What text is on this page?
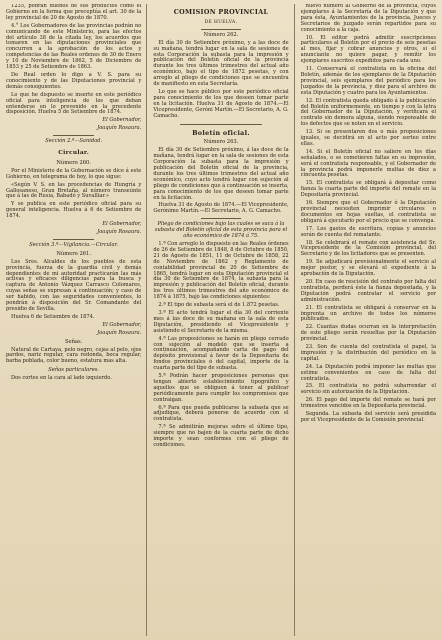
1235, podrán dueños de sus productos como el Gobierno en la forma que preceptúa el art. 30 de la ley provincial de 20 de Agosto de 1870.

4.° Los Gobernadores de las provincias podrán no comunicando de este Ministerio, para las efectos del artículo 38 de la citada ley, los acuerdos que tomaren en las diputaciones provinciales que concurren a la aprobación de los actos y competencias de las Reales ordenes de 30 de Enero y 10 de Noviembre de 1862, 5 de Diciembre de 1853 y 25 de Setiembre de 1863.

De Real orden lo digo a V. S. para su conocimiento y de las Diputaciones provincial y demás consiguientes.

Lo que he dispuesto se inserte en este periódico oficial para inteligencia de los que deban entenderse en lo prevenido en la precedente disposición. Huelva 5 de Setiembre de 1874.

El Gobernador,

Joaquín Rosaura.

Sección 2.ª—Sanidad.

Circular.

Número 260.

Por el Ministerio de la Gobernación se dice á este Gobierno, en telegrama de hoy, lo que sigue:

«Según V. S. en las procedencias de Hungría y Gallosaneso, Gran Bretaña, al número transeúnte que á las de Rusia, Babadó y Suvalliar.»

Y se publica en este periódico oficial para su general inteligencia. Huelva á 6 de Setiembre de 1874.

El Gobernador,

Joaquín Rosaura.

Sección 3.ª—Vigilancia.—Circular.

Número 261.

Los Sres. Alcaldes de los pueblos de esta provincia, fuerza de la guardia civil y demás dependientes de mi autoridad practicarán las más activas y eficaces diligencias para la busca y captura de Antonio Vázquez Carrasco Colomares, cuyas señas se expresan á continuación; y caso de ser habido, con las seguridades convenientes, lo pondrán á disposición del Sr. Comandante del presidio de Sevilla.

Huelva 6 de Setiembre de 1874.

El Gobernador,

Joaquín Rosaura.

Señas.

Natural de Cartaya, pelo negro, cejas al pelo, ojos pardos, nariz regular, cara redonda, boca regular, barba poblada, color bueno, estatura mas alta.

Señas particulares.

Dos cortes en la cara al lado izquierdo.

COMISION PROVINCIAL

DE HUELVA.

Número 262.

El día 30 de Setiembre próximo, y a las doce de su mañana, tendrá lugar en la sala de sesiones de esta Corporación la subasta para la impresión y publicación del Boletín oficial de la provincia durante los tres últimos trimestres del actual año económico, bajo el tipo de 1872 pesetas, y con arreglo al pliego de condiciones que se encuentra de manifiesto en esta Secretaría.

Lo que se hace público por este periódico oficial para conocimiento de los que deseen tomar parte en la licitación. Huelva 31 de Agosto de 1874.—El Vicepresidente, Geróni Martín.—El Secretario, A. G. Camacho.

Boletín oficial.

Número 263.

El día 30 de Setiembre próximo, á las doce de la mañana, tendrá lugar en la sala de sesiones de esta Corporación la subasta para la impresión y publicación del Boletín oficial de la provincia, durante los tres últimos trimestres del actual año económico, cuyo acto tendrá lugar con sujeción al pliego de condiciones que á continuación se inserta, para conocimiento de los que deseen tomar parte en la licitación.

Huelva 31 de Agosto de 1874.—El Vicepresidente, Gerónimo Martín.—El Secretario, A. G. Camacho.

Pliego de condiciones bajo las cuales se saca á la subasta del Boletín oficial de esta provincia para el año económico de 1874 á 75.

1.ª Con arreglo lo dispuesto en las Reales órdenes de 26 de Setiembre de 1848, 8 de Octubre de 1850, 21 de Agosto de 1851, 11 de Octubre de 1858, 22 de Noviembre de 1862 y Reglamento de contabilidad provincial de 20 de Setiembre de 1865, tendrá lugar en esta Diputación provincial el día 30 de Setiembre de 1874, la subasta para la impresión y publicación del Boletín oficial, durante los tres últimos trimestres del año económico de 1874 á 1875, bajo las condiciones siguientes:

2.ª El tipo de subasta será el de 1.872 pesetas.

3.ª El acto tendrá lugar el día 30 del corriente mes á las doce de su mañana en la sala de esta Diputación, presidiendo el Vicepresidente y asistiendo el Secretario de la misma.

4.ª Las proposiciones se harán en pliego cerrado con sujeción al modelo que se inserta a continuación, acompañando carta de pago del depósito provisional á favor de la Depositaría de fondos provinciales ó del capital, importe de la cuarta parte del tipo de subasta.

5.ª Podrán hacer proposiciones personas que tengan abierto establecimiento tipográfico y aquellos que se obliguen á tener al publicar periódicamente para cumplir los compromisos que contraigan.

6.ª Para que pueda publicarse la subasta que se adjudique, deberá ponerse de acuerdo con el contratista.

7.ª Se admitirán mejoras sobre el último tipo, siempre que no bajen de la cuarta parte de dicho importe y sean conformes con el pliego de condiciones.

nuevo número al Gobierno de la provincia, cuyos ejemplares á la Secretaría de la Diputación y que para ésta, Ayuntamientos de la provincia, Jueces y Secretarios de juzgado serán repartidos para su conocimiento a la caja.

10. El editor podrá admitir suscripciones particulares al Boletín por el precio de seis pesetas al mes, fijar y cobrar anuncios y otros, si el anunciante no quiere pagar, y remitir los ejemplares suscritos expedidos para cada uno.

11. Conservará el contratista en la oficina del Boletín, además de los ejemplares de la Diputación provincial, seis ejemplares del periódico para los Juzgados de la provincia, y diez para el archivo de esta Diputación y cuatro para los Ayuntamientos.

12. El contratista queda obligado á la publicación del Boletín uniformemente, en tiempo y con la letra del Gobernador de la Diputación, y verificará el contrato sin demora alguna, siendo responsable de los defectos que se noten en el servicio.

13. Si se presentaren dos o más proposiciones iguales, se decidirá en el acto por sorteo entre ellas.

14. Si el Boletín oficial no saliere en los días señalados, o se cometieren faltas en su impresión, será el contratista responsable, y el Gobernador de la provincia podrá imponerle multas de diez a cincuenta pesetas.

15. El contratista se obligará á depositar como fianza la cuarta parte del importe del remate en la Depositaría provincial.

16. Siempre que el Gobernador ó la Diputación provincial necesiten imprimir circulares o documentos en hojas sueltas, el contratista se obligará á ejecutarlo por el precio que se convenga.

17. Los gastos de escritura, copias y anuncios serán de cuenta del rematante.

18. Se celebrará el remate con asistencia del Sr. Vicepresidente de la Comisión provincial, del Secretario y de los licitadores que se presenten.

19. Se adjudicará provisionalmente el servicio al mejor postor, y se elevará el expediente á la aprobación de la Diputación.

20. En caso de rescisión del contrato por falta del contratista, perderá éste la fianza depositada, y la Diputación podrá contratar el servicio por administración.

21. El contratista se obligará á conservar en la imprenta un archivo de todos los números publicados.

22. Cuantas dudas ocurran en la interpretación de este pliego serán resueltas por la Diputación provincial.

23. Son de cuenta del contratista el papel, la impresión y la distribución del periódico en la capital.

24. La Diputación podrá imponer las multas que estime convenientes en caso de falta del contratista.

25. El contratista no podrá subarrendar el servicio sin autorización de la Diputación.

26. El pago del importe del remate se hará por trimestres vencidos en la Depositaría provincial.

Segunda. La subasta del servicio será presidida por el Vicepresidente de la Comisión provincial.
